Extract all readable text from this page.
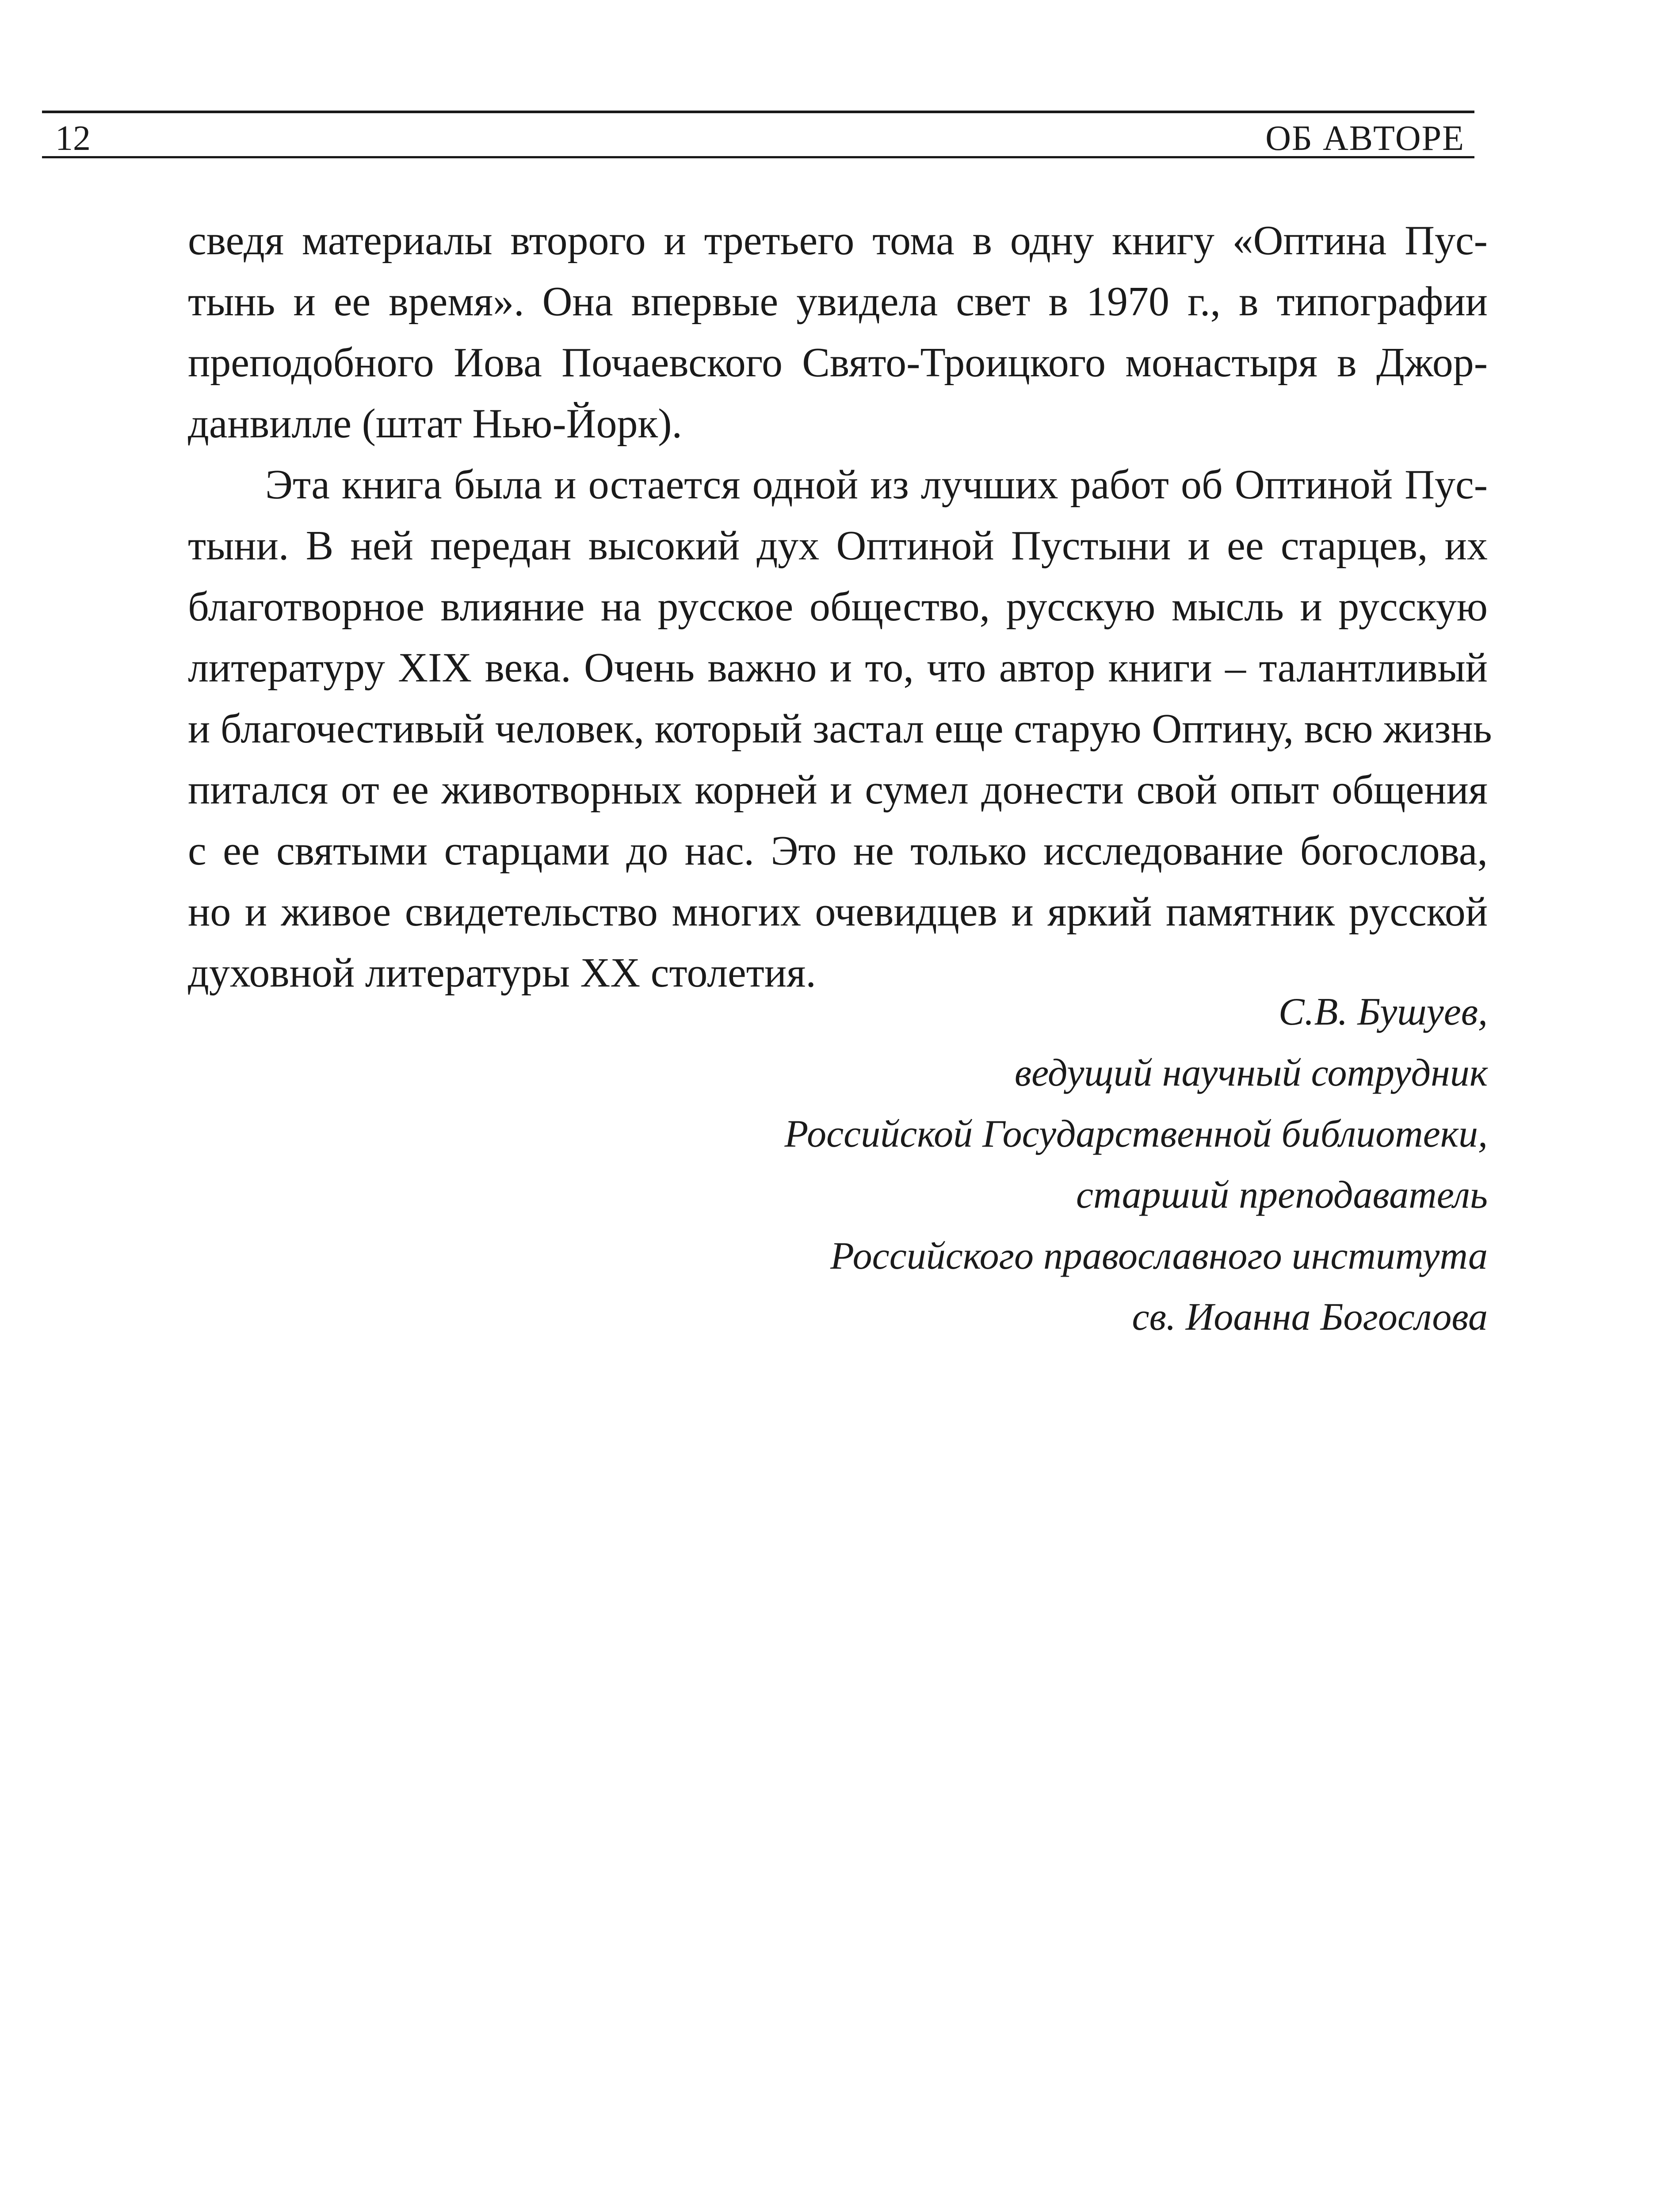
12	ОБ АВТОРЕ

сведя материалы второго и третьего тома в одну книгу «Оптина Пус-
тынь и ее время». Она впервые увидела свет в 1970 г., в типографии
преподобного Иова Почаевского Свято-Троицкого монастыря в Джор-
данвилле (штат Нью-Йорк).

Эта книга была и остается одной из лучших работ об Оптиной Пус-
тыни. В ней передан высокий дух Оптиной Пустыни и ее старцев, их
благотворное влияние на русское общество, русскую мысль и русскую
литературу XIX века. Очень важно и то, что автор книги – талантливый
и благочестивый человек, который застал еще старую Оптину, всю жизнь
питался от ее животворных корней и сумел донести свой опыт общения
с ее святыми старцами до нас. Это не только исследование богослова,
но и живое свидетельство многих очевидцев и яркий памятник русской
духовной литературы XX столетия.

С.В. Бушуев,
ведущий научный сотрудник
Российской Государственной библиотеки,
старший преподаватель
Российского православного института
св. Иоанна Богослова
